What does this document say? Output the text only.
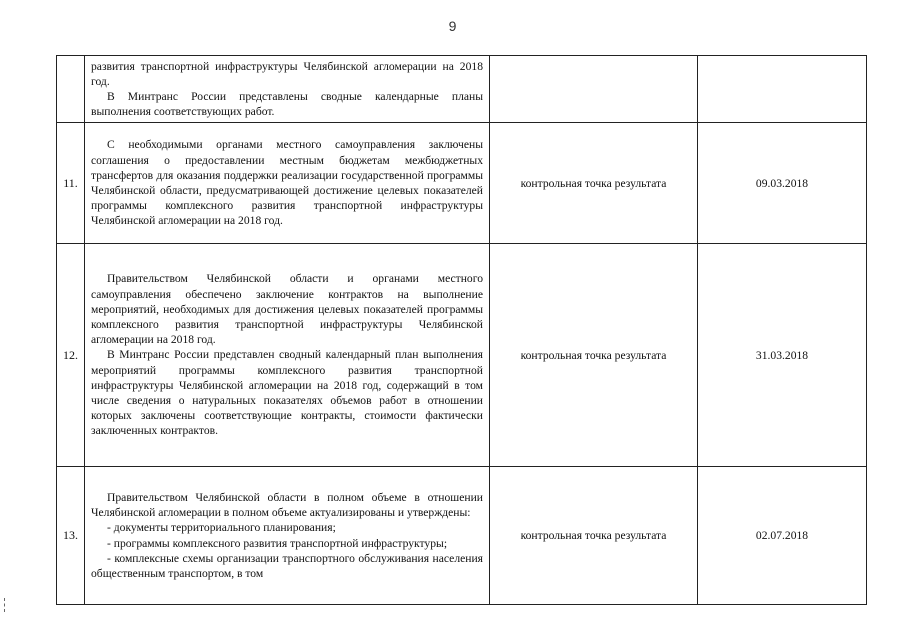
9

	развития транспортной инфраструктуры Челябинской агломерации на 2018 год.
В Минтранс России представлены сводные календарные планы выполнения соответствующих работ.		

11.	С необходимыми органами местного самоуправления заключены соглашения о предоставлении местным бюджетам межбюджетных трансфертов для оказания поддержки реализации государственной программы Челябинской области, предусматривающей достижение целевых показателей программы комплексного развития транспортной инфраструктуры Челябинской агломерации на 2018 год.	контрольная точка результата	09.03.2018
12.	Правительством Челябинской области и органами местного самоуправления обеспечено заключение контрактов на выполнение мероприятий, необходимых для достижения целевых показателей программы комплексного развития транспортной инфраструктуры Челябинской агломерации на 2018 год.
В Минтранс России представлен сводный календарный план выполнения мероприятий программы комплексного развития транспортной инфраструктуры Челябинской агломерации на 2018 год, содержащий в том числе сведения о натуральных показателях объемов работ в отношении которых заключены соответствующие контракты, стоимости фактически заключенных контрактов.	контрольная точка результата	31.03.2018
13.	Правительством Челябинской области в полном объеме в отношении Челябинской агломерации в полном объеме актуализированы и утверждены:
- документы территориального планирования;
- программы комплексного развития транспортной инфраструктуры;
- комплексные схемы организации транспортного обслуживания населения общественным транспортом, в том	контрольная точка результата	02.07.2018
